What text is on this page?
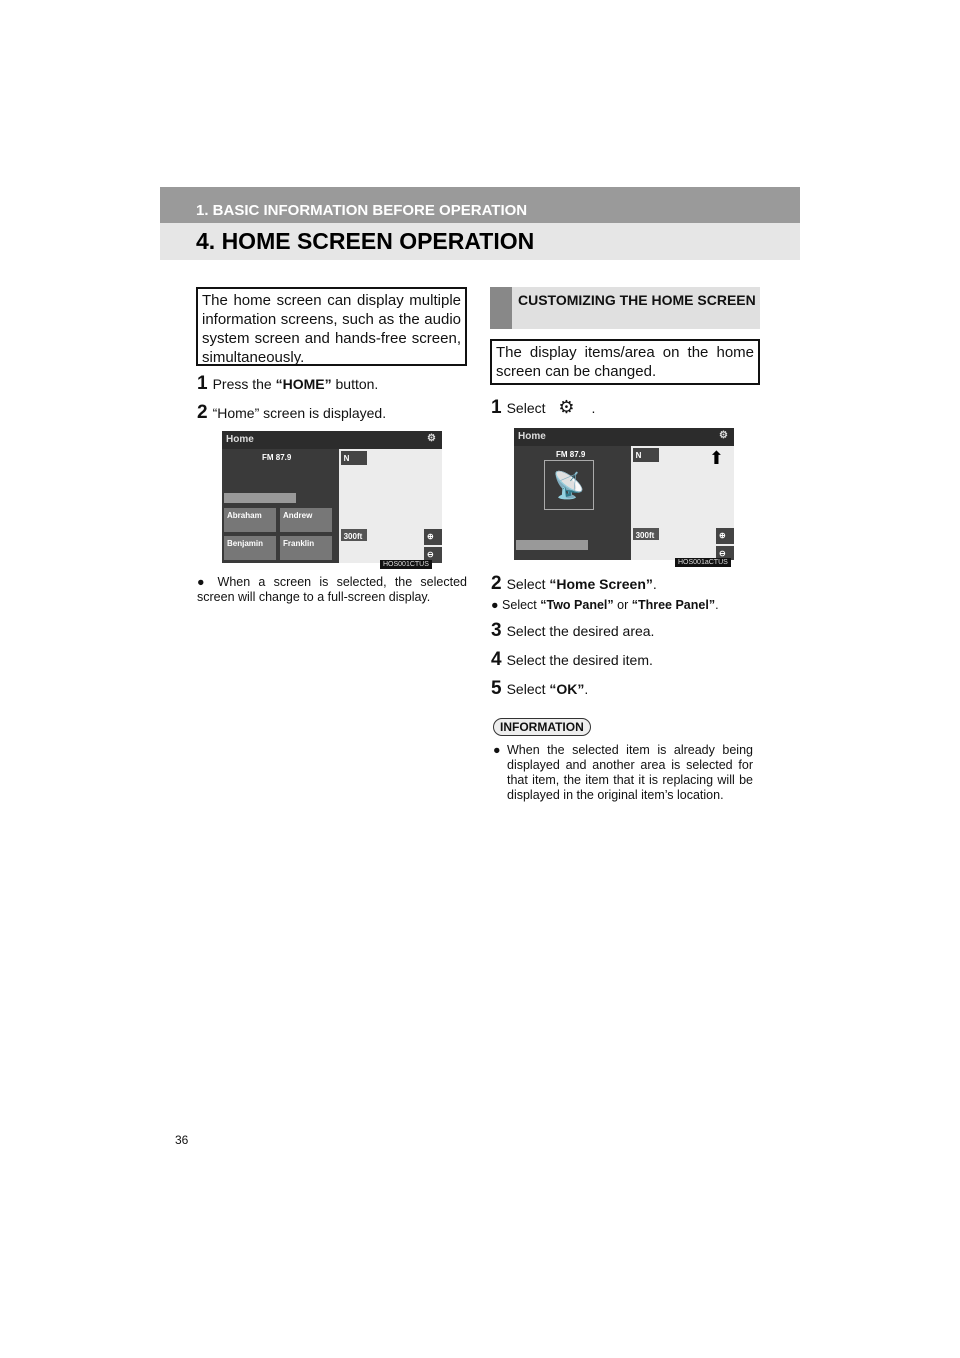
1. BASIC INFORMATION BEFORE OPERATION
4. HOME SCREEN OPERATION
The home screen can display multiple information screens, such as the audio system screen and hands-free screen, simultaneously.
1 Press the “HOME” button.
2 “Home” screen is displayed.
Home	⚙
FM 87.9
Abraham	Andrew
Benjamin	Franklin
N
300ft	⊕
⊖
HOS001CTUS
● When a screen is selected, the selected screen will change to a full-screen display.
CUSTOMIZING THE HOME SCREEN
The display items/area on the home screen can be changed.
1 Select ⚙ .
Home	⚙
FM 87.9
📡
N	⬆
300ft	⊕
⊖
HOS001aCTUS
2 Select “Home Screen”.
● Select “Two Panel” or “Three Panel”.
3 Select the desired area.
4 Select the desired item.
5 Select “OK”.
INFORMATION
● When the selected item is already being displayed and another area is selected for that item, the item that it is replacing will be displayed in the original item’s location.
36
